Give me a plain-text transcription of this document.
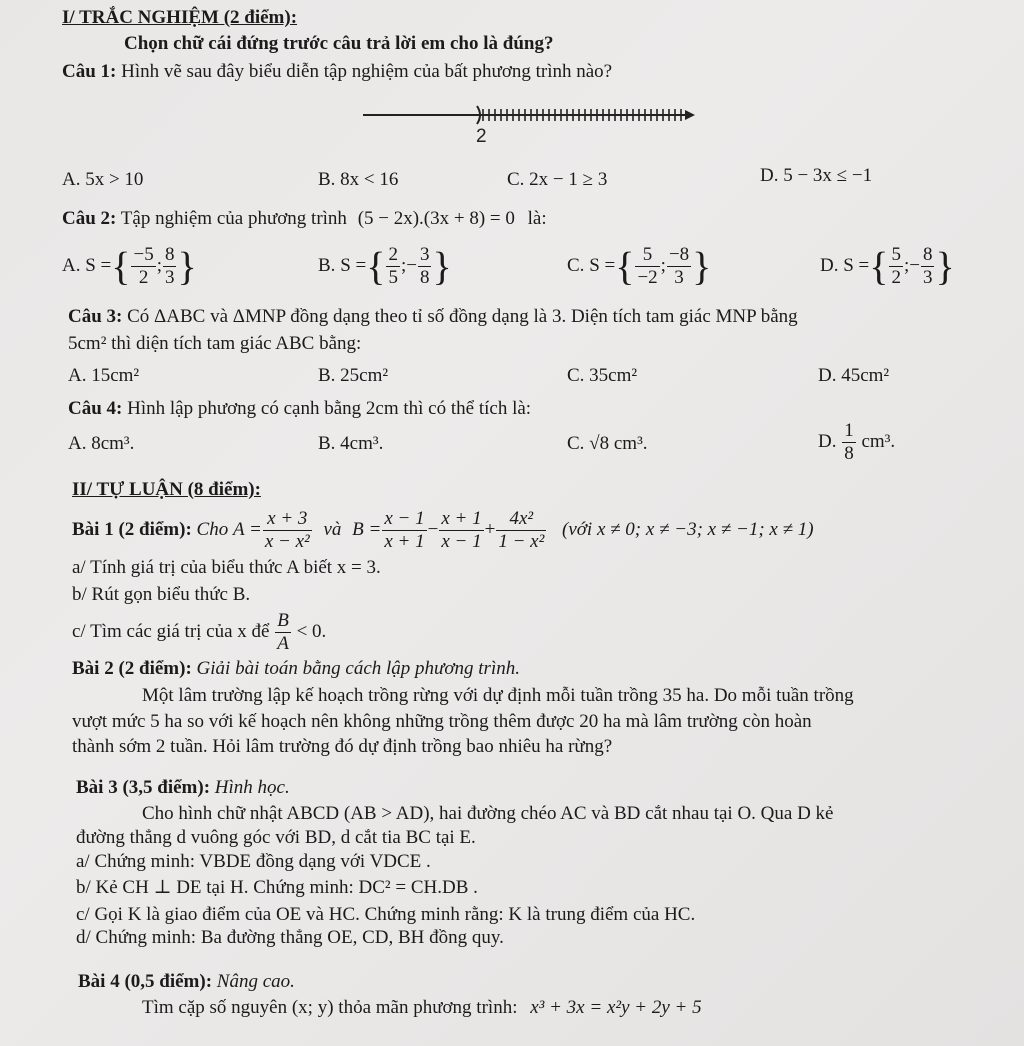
I/ TRẮC NGHIỆM (2 điểm):
Chọn chữ cái đứng trước câu trả lời em cho là đúng?
Câu 1: Hình vẽ sau đây biểu diễn tập nghiệm của bất phương trình nào?
2
A. 5x > 10	B. 8x < 16	C. 2x − 1 ≥ 3	D. 5 − 3x ≤ −1
Câu 2: Tập nghiệm của phương trình (5 − 2x).(3x + 8) = 0 là:
A. S ={ $\frac{-5}{2}$ ; $\frac{8}{3}$ }	B. S ={ $\frac{2}{5}$ ;− $\frac{3}{8}$ }	C. S ={ $\frac{5}{-2}$ ; $\frac{-8}{3}$ }	D. S ={ $\frac{5}{2}$ ;− $\frac{8}{3}$ }
Câu 3: Có ΔABC và ΔMNP đồng dạng theo tỉ số đồng dạng là 3. Diện tích tam giác MNP bằng
5cm² thì diện tích tam giác ABC bằng:
A. 15cm²	B. 25cm²	C. 35cm²	D. 45cm²
Câu 4: Hình lập phương có cạnh bằng 2cm thì có thể tích là:
A. 8cm³.	B. 4cm³.	C. √8 cm³.	D. $\frac{1}{8} cm^3$.
II/ TỰ LUẬN (8 điểm):
Bài 1 (2 điểm): Cho $A = \frac{x + 3}{\text{x − x²}}$ và $B = \frac{x - 1}{x + 1} - \frac{x + 1}{x - 1} + \frac{\text{4x²}}{\text{1 − x²}}$ (với x ≠ 0; x ≠ −3; x ≠ −1; x ≠ 1)
a/ Tính giá trị của biểu thức A biết x = 3.
b/ Rút gọn biểu thức B.
c/ Tìm các giá trị của x để $\frac{B}{A} < 0$.
Bài 2 (2 điểm): Giải bài toán bằng cách lập phương trình.
Một lâm trường lập kế hoạch trồng rừng với dự định mỗi tuần trồng 35 ha. Do mỗi tuần trồng
vượt mức 5 ha so với kế hoạch nên không những trồng thêm được 20 ha mà lâm trường còn hoàn
thành sớm 2 tuần. Hỏi lâm trường đó dự định trồng bao nhiêu ha rừng?
Bài 3 (3,5 điểm): Hình học.
Cho hình chữ nhật ABCD (AB > AD), hai đường chéo AC và BD cắt nhau tại O. Qua D kẻ
đường thẳng d vuông góc với BD, d cắt tia BC tại E.
a/ Chứng minh: VBDE đồng dạng với VDCE .
b/ Kẻ CH ⊥ DE tại H. Chứng minh: DC² = CH.DB .
c/ Gọi K là giao điểm của OE và HC. Chứng minh rằng: K là trung điểm của HC.
d/ Chứng minh: Ba đường thẳng OE, CD, BH đồng quy.
Bài 4 (0,5 điểm): Nâng cao.
Tìm cặp số nguyên (x; y) thỏa mãn phương trình: x³ + 3x = x²y + 2y + 5
